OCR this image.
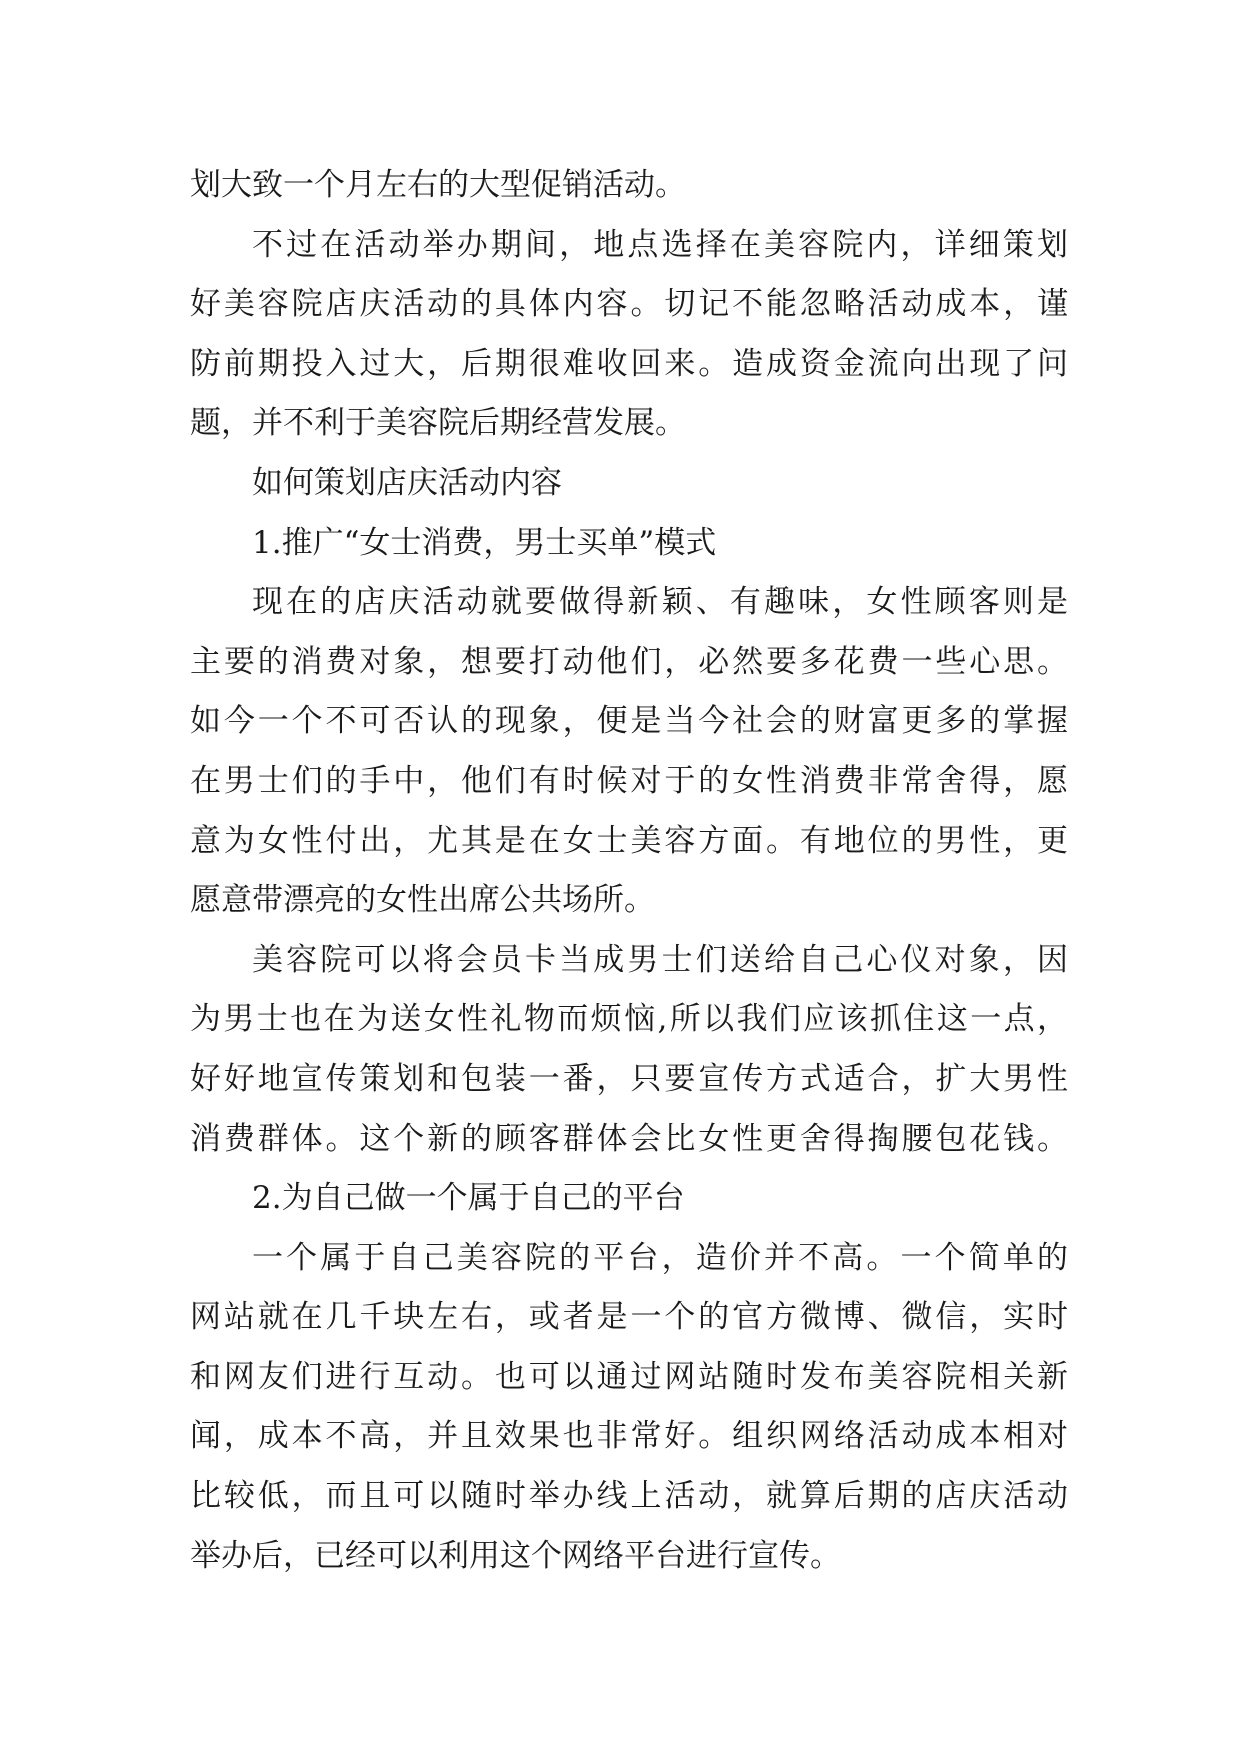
划大致一个月左右的大型促销活动。
不过在活动举办期间，地点选择在美容院内，详细策划
好美容院店庆活动的具体内容。切记不能忽略活动成本，谨
防前期投入过大，后期很难收回来。造成资金流向出现了问
题，并不利于美容院后期经营发展。
如何策划店庆活动内容
1.推广“女士消费，男士买单”模式
现在的店庆活动就要做得新颖、有趣味，女性顾客则是
主要的消费对象，想要打动他们，必然要多花费一些心思。
如今一个不可否认的现象，便是当今社会的财富更多的掌握
在男士们的手中，他们有时候对于的女性消费非常舍得，愿
意为女性付出，尤其是在女士美容方面。有地位的男性，更
愿意带漂亮的女性出席公共场所。
美容院可以将会员卡当成男士们送给自己心仪对象，因
为男士也在为送女性礼物而烦恼,所以我们应该抓住这一点，
好好地宣传策划和包装一番，只要宣传方式适合，扩大男性
消费群体。这个新的顾客群体会比女性更舍得掏腰包花钱。
2.为自己做一个属于自己的平台
一个属于自己美容院的平台，造价并不高。一个简单的
网站就在几千块左右，或者是一个的官方微博、微信，实时
和网友们进行互动。也可以通过网站随时发布美容院相关新
闻，成本不高，并且效果也非常好。组织网络活动成本相对
比较低，而且可以随时举办线上活动，就算后期的店庆活动
举办后，已经可以利用这个网络平台进行宣传。
